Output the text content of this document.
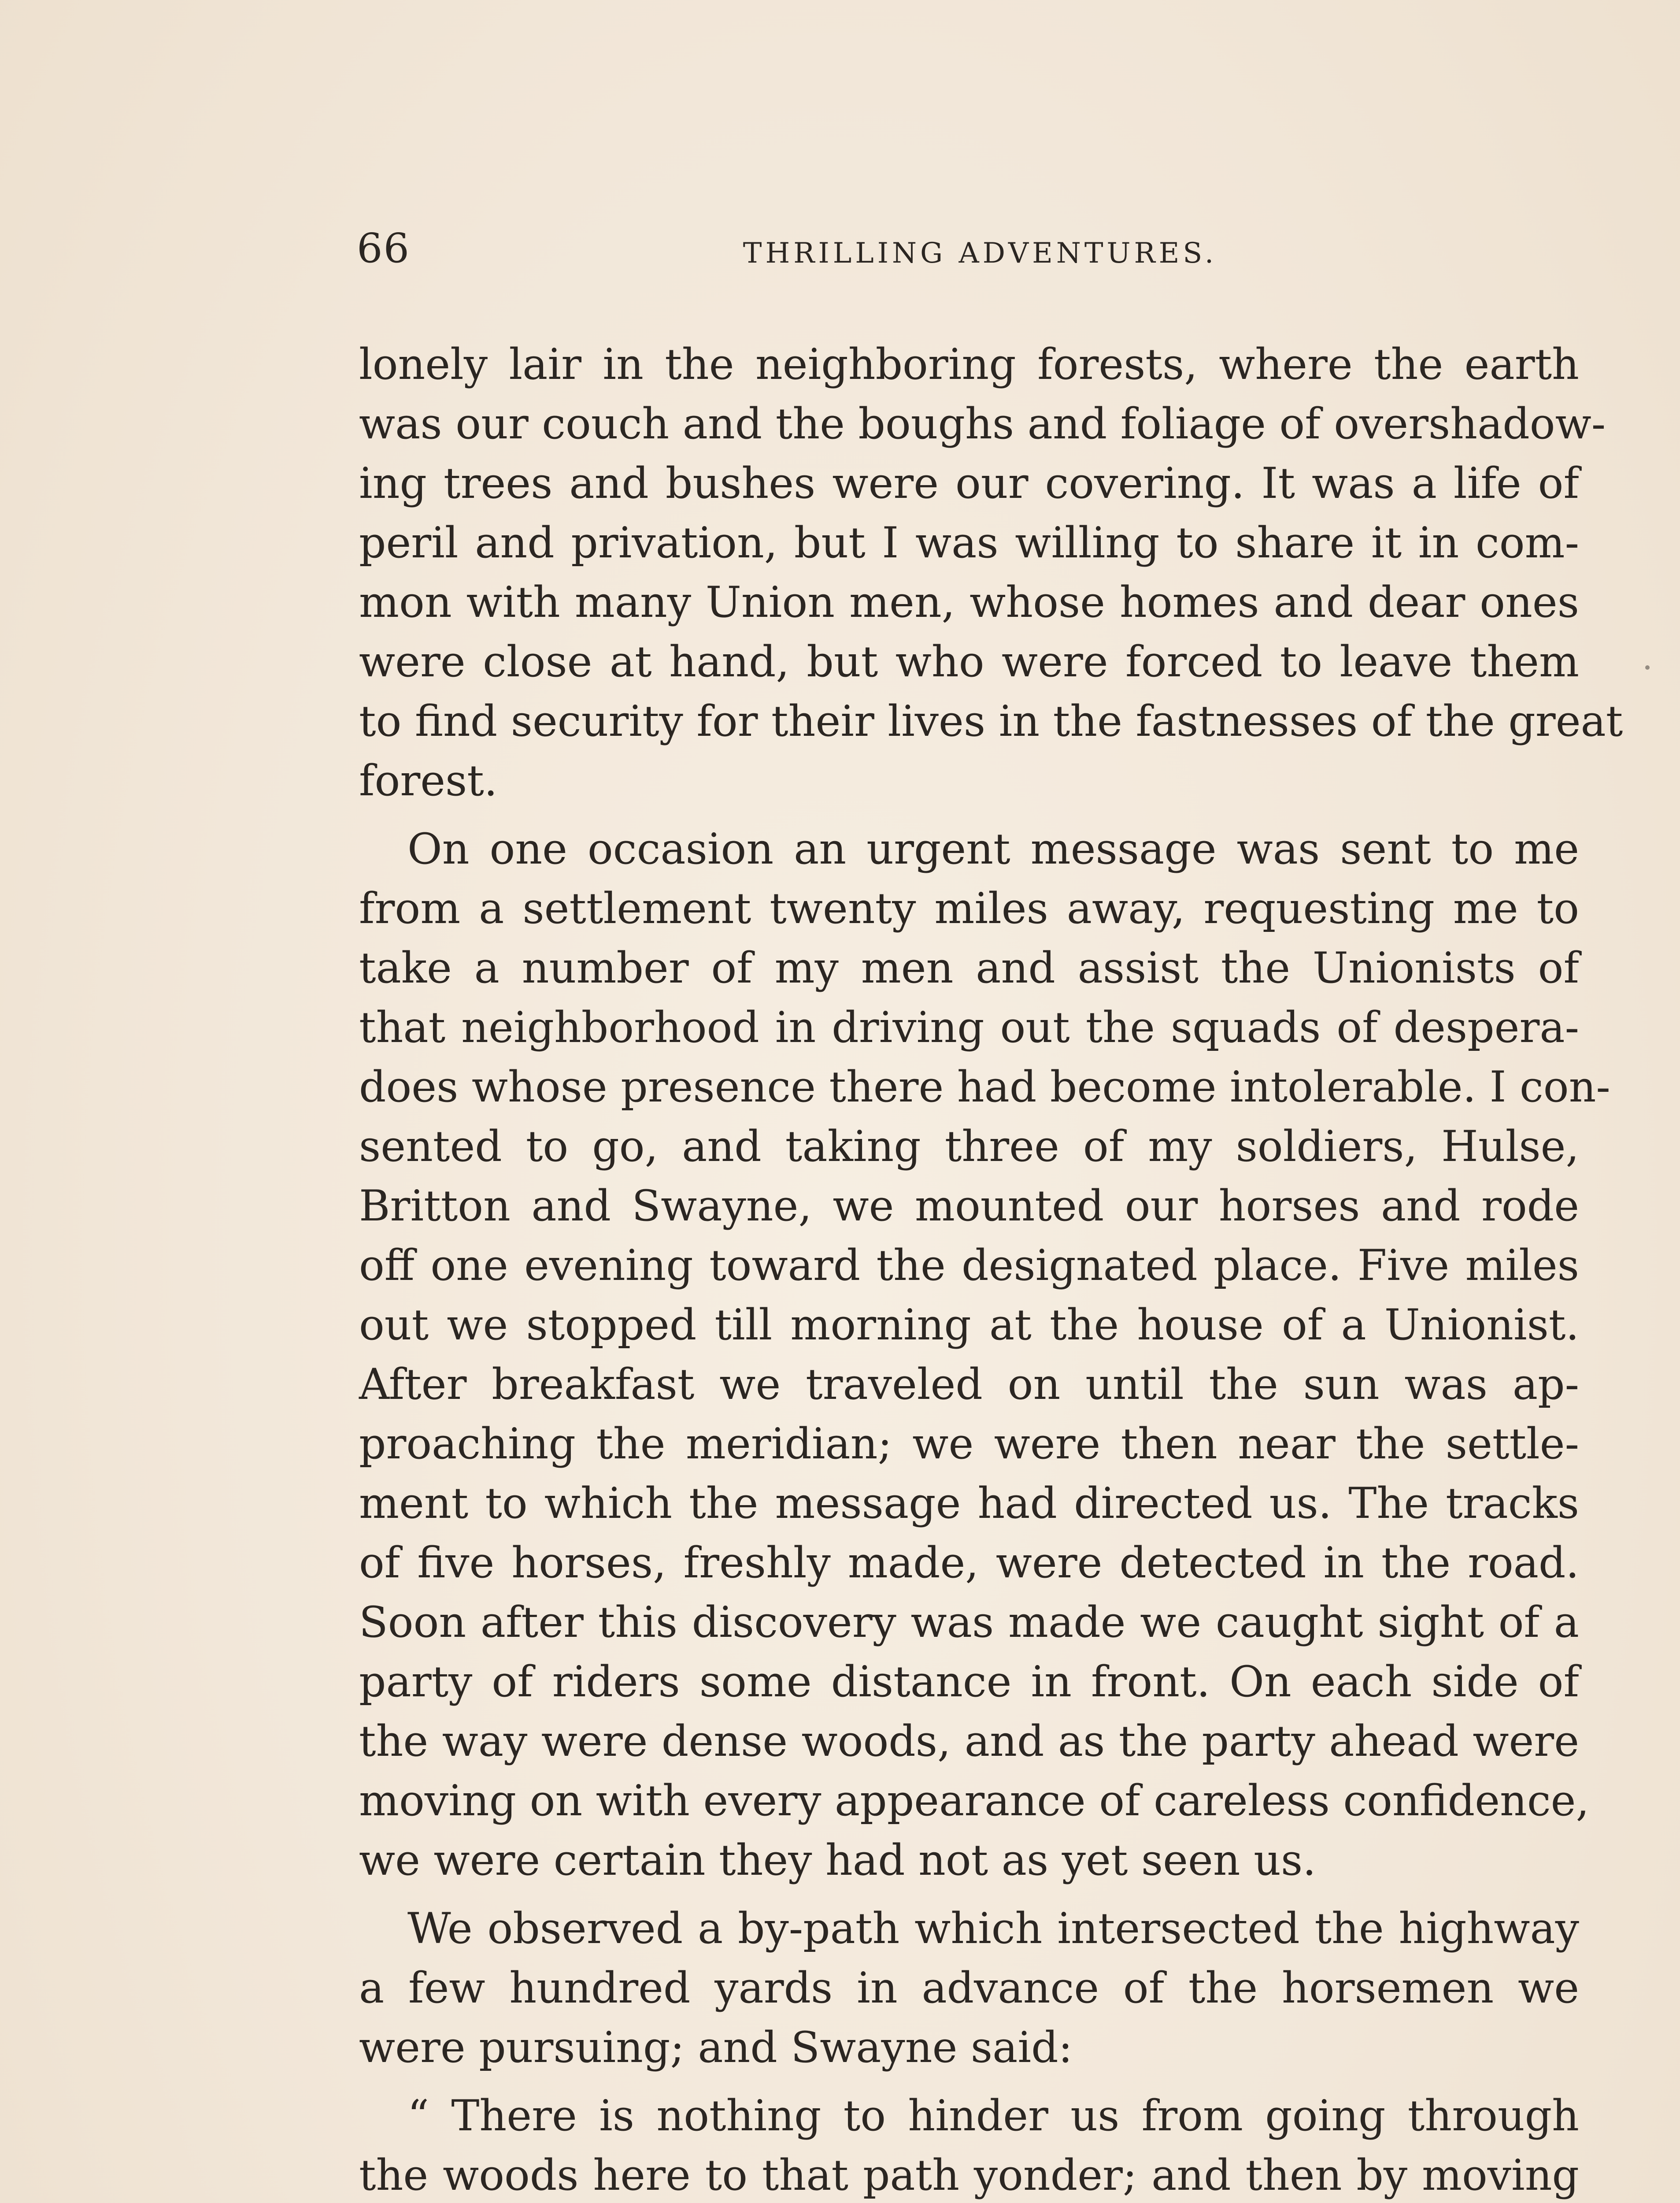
66	THRILLING ADVENTURES.
lonely lair in the neighboring forests, where the earth
was our couch and the boughs and foliage of overshadow-
ing trees and bushes were our covering. It was a life of
peril and privation, but I was willing to share it in com-
mon with many Union men, whose homes and dear ones
were close at hand, but who were forced to leave them
to find security for their lives in the fastnesses of the great
forest.
On one occasion an urgent message was sent to me
from a settlement twenty miles away, requesting me to
take a number of my men and assist the Unionists of
that neighborhood in driving out the squads of despera-
does whose presence there had become intolerable. I con-
sented to go, and taking three of my soldiers, Hulse,
Britton and Swayne, we mounted our horses and rode
off one evening toward the designated place. Five miles
out we stopped till morning at the house of a Unionist.
After breakfast we traveled on until the sun was ap-
proaching the meridian; we were then near the settle-
ment to which the message had directed us. The tracks
of five horses, freshly made, were detected in the road.
Soon after this discovery was made we caught sight of a
party of riders some distance in front. On each side of
the way were dense woods, and as the party ahead were
moving on with every appearance of careless confidence,
we were certain they had not as yet seen us.
We observed a by-path which intersected the highway
a few hundred yards in advance of the horsemen we
were pursuing; and Swayne said:
“ There is nothing to hinder us from going through
the woods here to that path yonder; and then by moving
